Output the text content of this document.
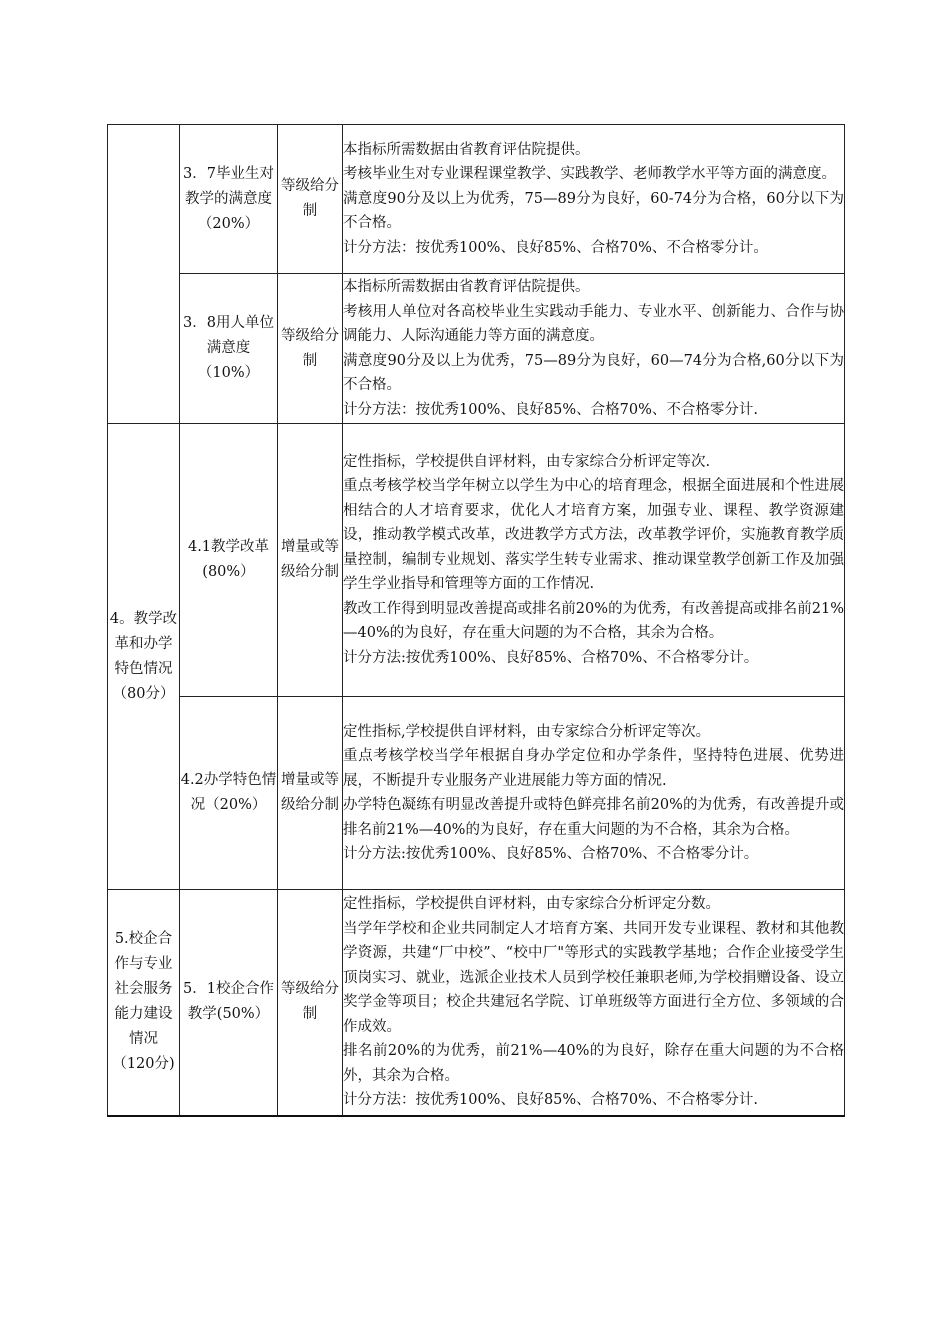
	3．7毕业生对教学的满意度（20%）	等级给分制	本指标所需数据由省教育评估院提供。

考核毕业生对专业课程课堂教学、实践教学、老师教学水平等方面的满意度。

满意度90分及以上为优秀，75—89分为良好，60-74分为合格，60分以下为不合格。

计分方法：按优秀100%、良好85%、合格70%、不合格零分计。

	3．8用人单位满意度（10%）	等级给分制	本指标所需数据由省教育评估院提供。

考核用人单位对各高校毕业生实践动手能力、专业水平、创新能力、合作与协调能力、人际沟通能力等方面的满意度。

满意度90分及以上为优秀，75—89分为良好，60—74分为合格,60分以下为不合格。

计分方法：按优秀100%、良好85%、合格70%、不合格零分计.

4。教学改革和办学特色情况（80分）	4.1教学改革(80%）	增量或等级给分制	定性指标，学校提供自评材料，由专家综合分析评定等次.

重点考核学校当学年树立以学生为中心的培育理念，根据全面进展和个性进展相结合的人才培育要求，优化人才培育方案，加强专业、课程、教学资源建设，推动教学模式改革，改进教学方式方法，改革教学评价，实施教育教学质量控制，编制专业规划、落实学生转专业需求、推动课堂教学创新工作及加强学生学业指导和管理等方面的工作情况.

教改工作得到明显改善提高或排名前20%的为优秀，有改善提高或排名前21%—40%的为良好，存在重大问题的为不合格，其余为合格。

计分方法:按优秀100%、良好85%、合格70%、不合格零分计。

	4.2办学特色情况（20%）	增量或等级给分制	定性指标,学校提供自评材料，由专家综合分析评定等次。

重点考核学校当学年根据自身办学定位和办学条件，坚持特色进展、优势进展，不断提升专业服务产业进展能力等方面的情况.

办学特色凝练有明显改善提升或特色鲜亮排名前20%的为优秀，有改善提升或排名前21%—40%的为良好，存在重大问题的为不合格，其余为合格。

计分方法:按优秀100%、良好85%、合格70%、不合格零分计。

5.校企合作与专业社会服务能力建设情况（120分)	5．1校企合作教学(50%）	等级给分制	定性指标，学校提供自评材料，由专家综合分析评定分数。

当学年学校和企业共同制定人才培育方案、共同开发专业课程、教材和其他教学资源，共建“厂中校”、“校中厂"等形式的实践教学基地；合作企业接受学生顶岗实习、就业，选派企业技术人员到学校任兼职老师,为学校捐赠设备、设立奖学金等项目；校企共建冠名学院、订单班级等方面进行全方位、多领域的合作成效。

排名前20%的为优秀，前21%—40%的为良好，除存在重大问题的为不合格外，其余为合格。

计分方法：按优秀100%、良好85%、合格70%、不合格零分计.
